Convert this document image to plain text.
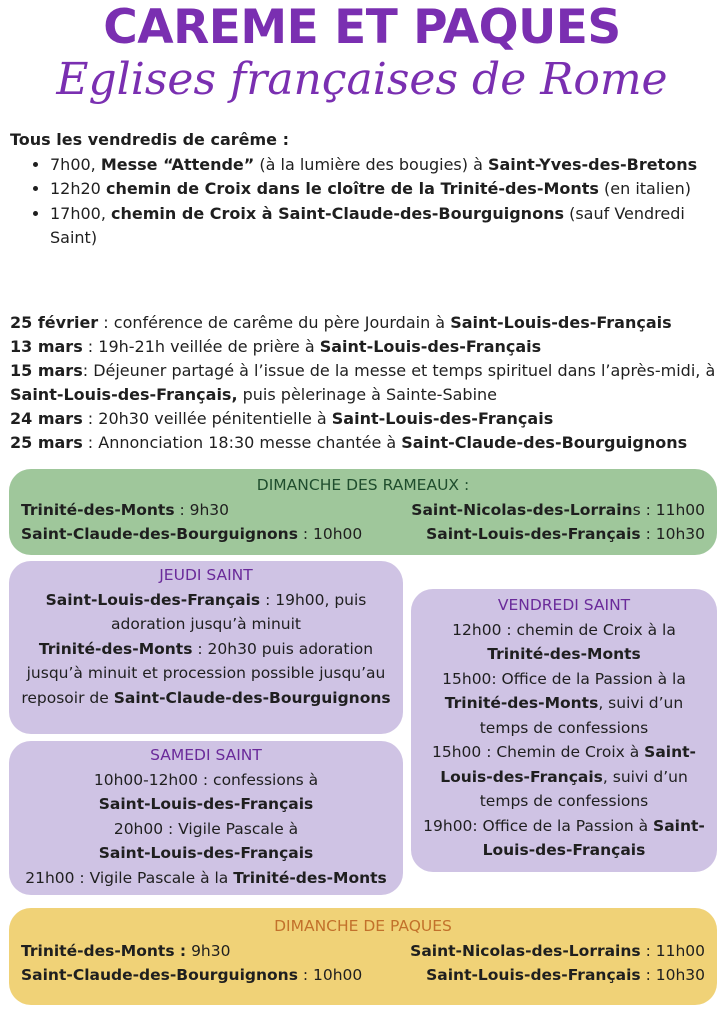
CAREME ET PAQUES
Eglises françaises de Rome
Tous les vendredis de carême :
• 7h00, Messe “Attende” (à la lumière des bougies) à Saint-Yves-des-Bretons
• 12h20 chemin de Croix dans le cloître de la Trinité-des-Monts (en italien)
• 17h00, chemin de Croix à Saint-Claude-des-Bourguignons (sauf Vendredi Saint)
25 février : conférence de carême du père Jourdain à Saint-Louis-des-Français
13 mars : 19h-21h veillée de prière à Saint-Louis-des-Français
15 mars: Déjeuner partagé à l’issue de la messe et temps spirituel dans l’après-midi, à Saint-Louis-des-Français, puis pèlerinage à Sainte-Sabine
24 mars : 20h30 veillée pénitentielle à Saint-Louis-des-Français
25 mars : Annonciation 18:30 messe chantée à Saint-Claude-des-Bourguignons
DIMANCHE DES RAMEAUX :
Trinité-des-Monts : 9h30	Saint-Nicolas-des-Lorrains : 11h00
Saint-Claude-des-Bourguignons : 10h00	Saint-Louis-des-Français : 10h30
JEUDI SAINT
Saint-Louis-des-Français : 19h00, puis adoration jusqu’à minuit
Trinité-des-Monts : 20h30 puis adoration jusqu’à minuit et procession possible jusqu’au reposoir de Saint-Claude-des-Bourguignons
SAMEDI SAINT
10h00-12h00 : confessions à
Saint-Louis-des-Français
20h00 : Vigile Pascale à
Saint-Louis-des-Français
21h00 : Vigile Pascale à la Trinité-des-Monts
VENDREDI SAINT
12h00 : chemin de Croix à la Trinité-des-Monts
15h00: Office de la Passion à la Trinité-des-Monts, suivi d’un temps de confessions
15h00 : Chemin de Croix à Saint-Louis-des-Français, suivi d’un temps de confessions
19h00: Office de la Passion à Saint-Louis-des-Français
DIMANCHE DE PAQUES
Trinité-des-Monts : 9h30	Saint-Nicolas-des-Lorrains : 11h00
Saint-Claude-des-Bourguignons : 10h00	Saint-Louis-des-Français : 10h30
